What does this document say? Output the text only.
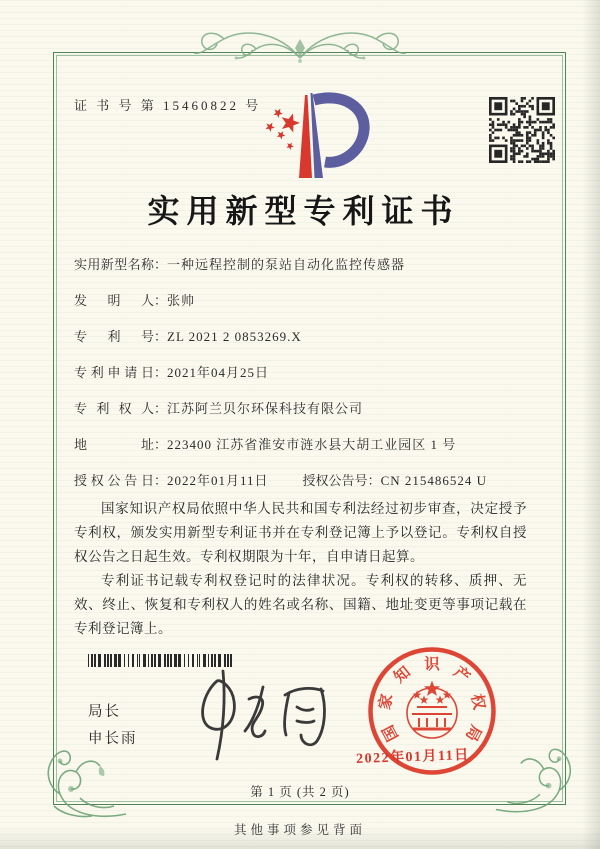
证 书 号 第 15460822 号
实用新型专利证书
实用新型名称：一种远程控制的泵站自动化监控传感器
发明人：张帅
专利号：ZL 2021 2 0853269.X
专利申请日：2021年04月25日
专利权人：江苏阿兰贝尔环保科技有限公司
地址：223400 江苏省淮安市涟水县大胡工业园区 1 号
授权公告日：2022年01月11日	授权公告号：CN 215486524 U

国家知识产权局依照中华人民共和国专利法经过初步审查，决定授予专利权，颁发实用新型专利证书并在专利登记簿上予以登记。专利权自授权公告之日起生效。专利权期限为十年，自申请日起算。

专利证书记载专利权登记时的法律状况。专利权的转移、质押、无效、终止、恢复和专利权人的姓名或名称、国籍、地址变更等事项记载在专利登记簿上。

局长
申长雨	国
家
知 识 产
权
局
2022年01月11日
第 1 页 (共 2 页)
其他事项参见背面
